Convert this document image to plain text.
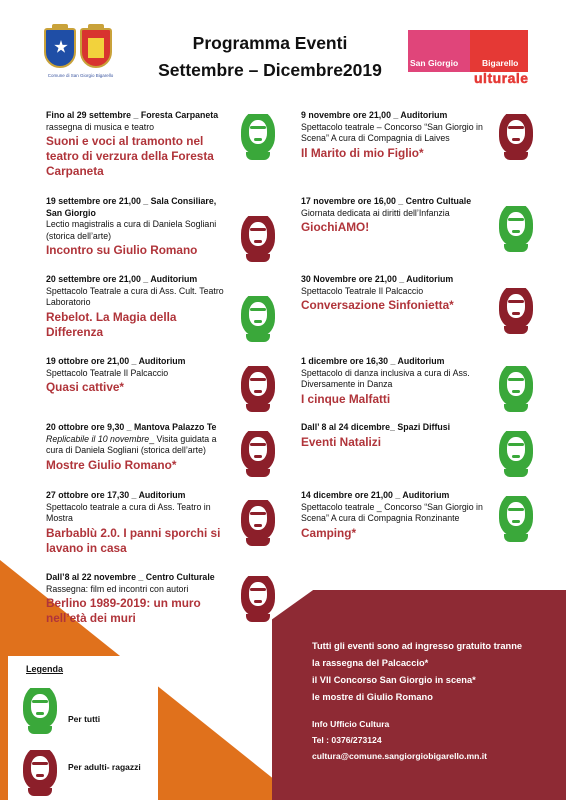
Comune di San Giorgio Bigarello
Programma Eventi
Settembre – Dicembre2019	San Giorgio	Bigarello
ulturale
Fino al 29 settembre _ Foresta Carpaneta
rassegna di musica e teatro
Suoni e voci al tramonto nel teatro di verzura della Foresta Carpaneta
19 settembre ore 21,00 _ Sala Consiliare, San Giorgio
Lectio magistralis a cura di Daniela Sogliani (storica dell’arte)
Incontro su Giulio Romano
20 settembre ore 21,00 _ Auditorium
Spettacolo Teatrale a cura di Ass. Cult. Teatro Laboratorio
Rebelot. La Magia della Differenza
19 ottobre ore 21,00 _ Auditorium
Spettacolo Teatrale Il Palcaccio
Quasi cattive*
20 ottobre ore 9,30 _ Mantova Palazzo Te
Replicabile il 10 novembre_ Visita guidata a cura di Daniela Sogliani (storica dell’arte)
Mostre Giulio Romano*
27 ottobre ore 17,30 _ Auditorium
Spettacolo teatrale a cura di Ass. Teatro in Mostra
Barbablù 2.0. I panni sporchi si lavano in casa
Dall’8 al 22 novembre _ Centro Culturale
Rassegna: film ed incontri con autori
Berlino 1989-2019: un muro nell’età dei muri
9 novembre ore 21,00 _ Auditorium
Spettacolo teatrale – Concorso “San Giorgio in Scena” A cura di Compagnia di Laives
Il Marito di mio Figlio*
17 novembre ore 16,00 _ Centro Cultuale
Giornata dedicata ai diritti dell’Infanzia
GiochiAMO!
30 Novembre ore 21,00 _ Auditorium
Spettacolo Teatrale Il Palcaccio
Conversazione Sinfonietta*
1 dicembre ore 16,30 _ Auditorium
Spettacolo di danza inclusiva a cura di Ass. Diversamente in Danza
I cinque Malfatti
Dall’ 8 al 24 dicembre_ Spazi Diffusi
Eventi Natalizi
14 dicembre ore 21,00 _ Auditorium
Spettacolo teatrale _ Concorso “San Giorgio in Scena” A cura di Compagnia Ronzinante
Camping*
Legenda
Per tutti
Per adulti- ragazzi
Tutti gli eventi sono ad ingresso gratuito tranne
la rassegna del Palcaccio*
il VII Concorso San Giorgio in scena*
le mostre di Giulio Romano
Info Ufficio Cultura
Tel : 0376/273124
cultura@comune.sangiorgiobigarello.mn.it
